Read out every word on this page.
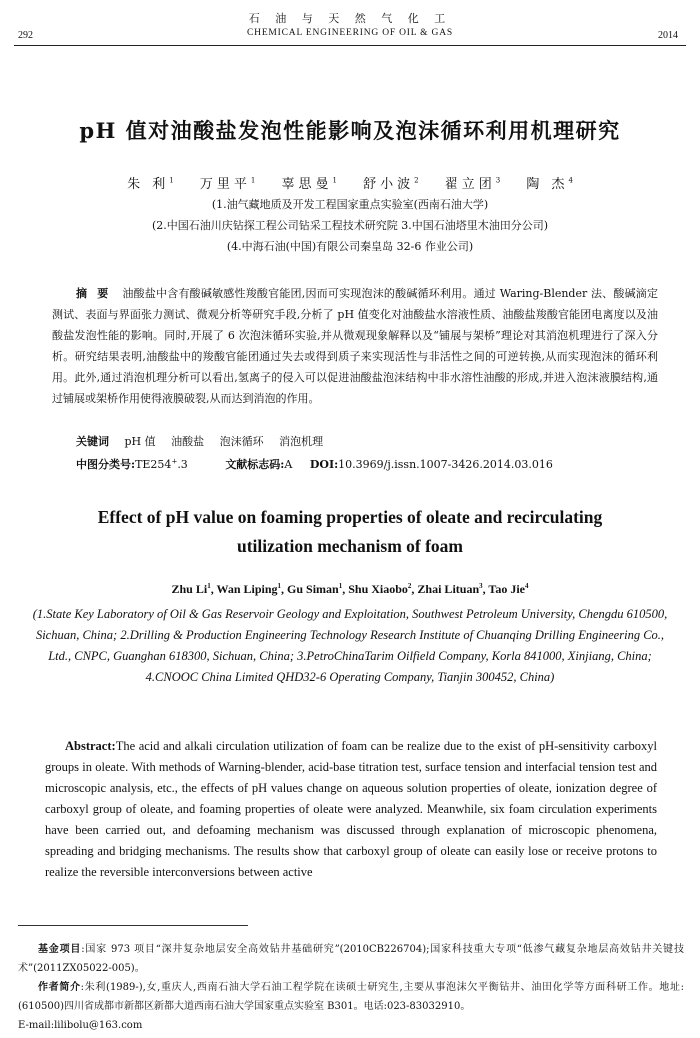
292
石 油 与 天 然 气 化 工
CHEMICAL ENGINEERING OF OIL & GAS	2014
pH 值对油酸盐发泡性能影响及泡沫循环利用机理研究
朱 利$^1$ 万里平$^1$ 辜思曼$^1$ 舒小波$^2$ 翟立团$^3$ 陶 杰$^4$
(1.油气藏地质及开发工程国家重点实验室(西南石油大学)
(2.中国石油川庆钻探工程公司钻采工程技术研究院 3.中国石油塔里木油田分公司)
(4.中海石油(中国)有限公司秦皇岛 32-6 作业公司)
摘要 油酸盐中含有酸碱敏感性羧酸官能团,因而可实现泡沫的酸碱循环利用。通过 Waring-Blender 法、酸碱滴定测试、表面与界面张力测试、微观分析等研究手段,分析了 pH 值变化对油酸盐水溶液性质、油酸盐羧酸官能团电离度以及油酸盐发泡性能的影响。同时,开展了 6 次泡沫循环实验,并从微观现象解释以及“铺展与架桥”理论对其消泡机理进行了深入分析。研究结果表明,油酸盐中的羧酸官能团通过失去或得到质子来实现活性与非活性之间的可逆转换,从而实现泡沫的循环利用。此外,通过消泡机理分析可以看出,氢离子的侵入可以促进油酸盐泡沫结构中非水溶性油酸的形成,并进入泡沫液膜结构,通过铺展或架桥作用使得液膜破裂,从而达到消泡的作用。
关键词 pH 值 油酸盐 泡沫循环 消泡机理
中图分类号:TE254+.3	文献标志码:A DOI:10.3969/j.issn.1007-3426.2014.03.016
Effect of pH value on foaming properties of oleate and recirculating
utilization mechanism of foam
Zhu Li$^1$, Wan Liping$^1$, Gu Siman$^1$, Shu Xiaobo$^2$, Zhai Lituan$^3$, Tao Jie$^4$
(1.State Key Laboratory of Oil & Gas Reservoir Geology and Exploitation, Southwest Petroleum University, Chengdu 610500, Sichuan, China; 2.Drilling & Production Engineering Technology Research Institute of Chuanqing Drilling Engineering Co., Ltd., CNPC, Guanghan 618300, Sichuan, China; 3.PetroChinaTarim Oilfield Company, Korla 841000, Xinjiang, China; 4.CNOOC China Limited QHD32-6 Operating Company, Tianjin 300452, China)
Abstract:The acid and alkali circulation utilization of foam can be realize due to the exist of pH-sensitivity carboxyl groups in oleate. With methods of Warning-blender, acid-base titration test, surface tension and interfacial tension test and microscopic analysis, etc., the effects of pH values change on aqueous solution properties of oleate, ionization degree of carboxyl group of oleate, and foaming properties of oleate were analyzed. Meanwhile, six foam circulation experiments have been carried out, and defoaming mechanism was discussed through explanation of microscopic phenomena, spreading and bridging mechanisms. The results show that carboxyl group of oleate can easily lose or receive protons to realize the reversible interconversions between active
基金项目:国家 973 项目“深井复杂地层安全高效钻井基础研究”(2010CB226704);国家科技重大专项“低渗气藏复杂地层高效钻井关键技术”(2011ZX05022-005)。
作者简介:朱利(1989-),女,重庆人,西南石油大学石油工程学院在读硕士研究生,主要从事泡沫欠平衡钻井、油田化学等方面科研工作。地址:(610500)四川省成都市新都区新都大道西南石油大学国家重点实验室 B301。电话:023-83032910。
E-mail:lilibolu@163.com
